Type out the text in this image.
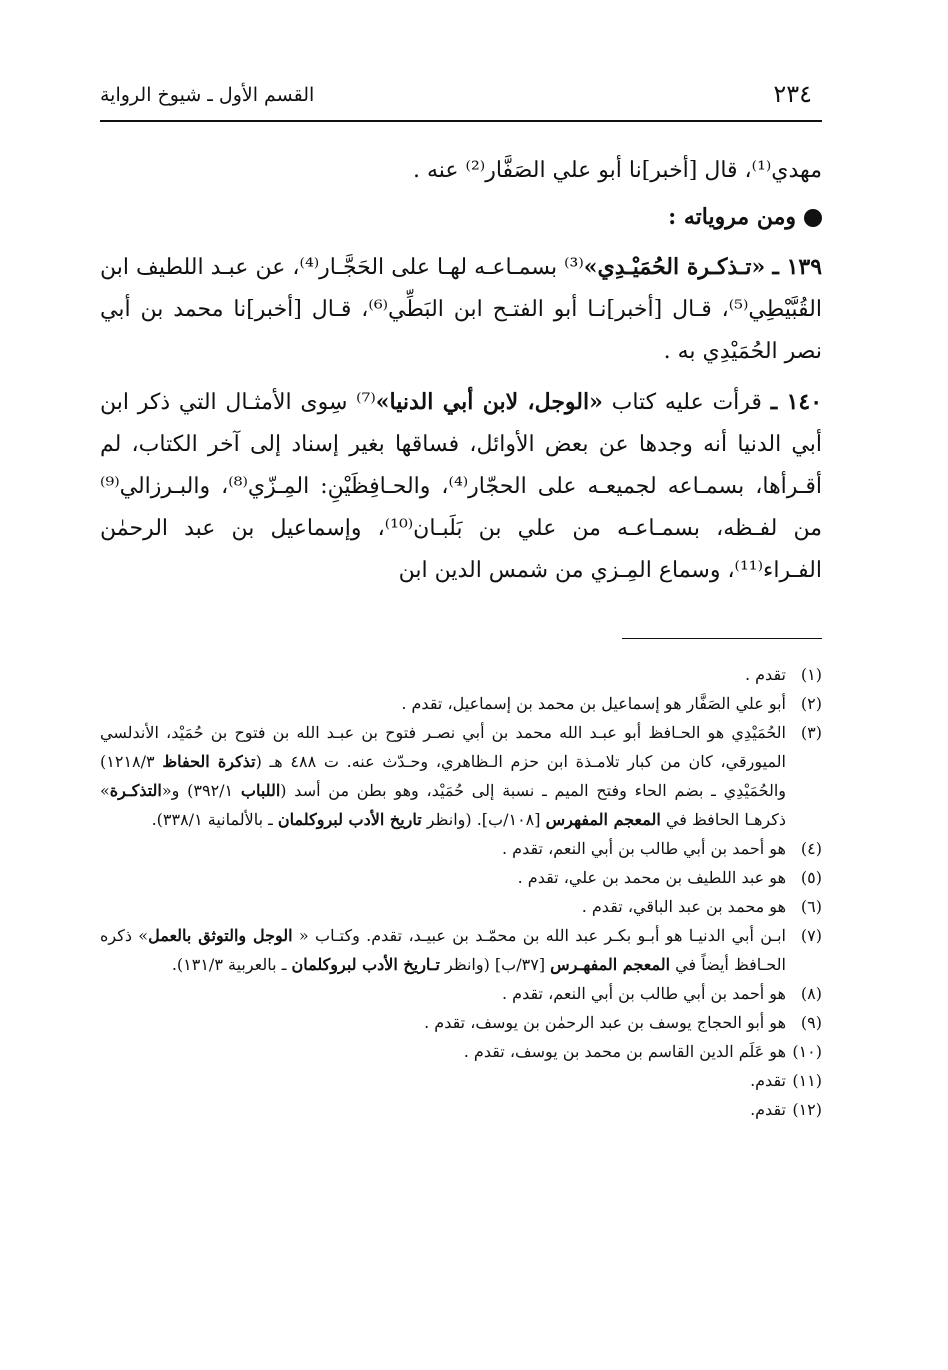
٢٣٤
القسم الأول ـ شيوخ الرواية

مهدي⁽¹⁾، قال [أخبر]نا أبو علي الصَفَّار⁽²⁾ عنه .

ومن مروياته :

١٣٩ ـ «تـذكـرة الحُمَيْـدِي»⁽³⁾ بسمـاعـه لهـا على الحَجَّـار⁽⁴⁾، عن عبـد اللطيف ابن القُبَّيْطِي⁽⁵⁾، قـال [أخبر]نـا أبو الفتـح ابن البَطِّي⁽⁶⁾، قـال [أخبر]نا محمد بن أبي نصر الحُمَيْدِي به .

١٤٠ ـ قرأت عليه كتاب «الوجل، لابن أبي الدنيا»⁽⁷⁾ سِوى الأمثـال التي ذكر ابن أبي الدنيا أنه وجدها عن بعض الأوائل، فساقها بغير إسناد إلى آخر الكتاب، لم أقـرأها، بسمـاعه لجميعـه على الحجّار⁽⁴⁾، والحـافِظَيْنِ: المِـزّي⁽⁸⁾، والبـرزالي⁽⁹⁾ من لفـظه، بسمـاعـه من علي بن بَلَبـان⁽¹⁰⁾، وإسماعيل بن عبد الرحمٰن الفـراء⁽¹¹⁾، وسماع المِـزي من شمس الدين ابن

(١)
تقدم .
(٢)
أبو علي الصَفَّار هو إسماعيل بن محمد بن إسماعيل، تقدم .
(٣)
الحُمَيْدِي هو الحـافظ أبو عبـد الله محمد بن أبي نصـر فتوح بن عبـد الله بن فتوح بن حُمَيْد، الأندلسي الميورقي، كان من كبار تلامـذة ابن حزم الـظاهري، وحـدّث عنه. ت ٤٨٨ هـ (تذكرة الحفاظ ١٢١٨/٣) والحُمَيْدِي ـ بضم الحاء وفتح الميم ـ نسبة إلى حُمَيْد، وهو بطن من أسد (اللباب ٣٩٢/١) و«التذكـرة» ذكرهـا الحافظ في المعجم المفهرس [١٠٨/ب]. (وانظر تاريخ الأدب لبروكلمان ـ بالألمانية ٣٣٨/١).
(٤)
هو أحمد بن أبي طالب بن أبي النعم، تقدم .
(٥)
هو عبد اللطيف بن محمد بن علي، تقدم .
(٦)
هو محمد بن عبد الباقي، تقدم .
(٧)
ابـن أبي الدنيـا هو أبـو بكـر عبد الله بن محمّـد بن عبيـد، تقدم. وكتـاب « الوجل والتوثق بالعمل» ذكره الحـافظ أيضاً في المعجم المفهـرس [٣٧/ب] (وانظر تـاريخ الأدب لبروكلمان ـ بالعربية ١٣١/٣).
(٨)
هو أحمد بن أبي طالب بن أبي النعم، تقدم .
(٩)
هو أبو الحجاج يوسف بن عبد الرحمٰن بن يوسف، تقدم .
(١٠)
هو عَلَم الدين القاسم بن محمد بن يوسف، تقدم .
(١١)
تقدم.
(١٢)
تقدم.
